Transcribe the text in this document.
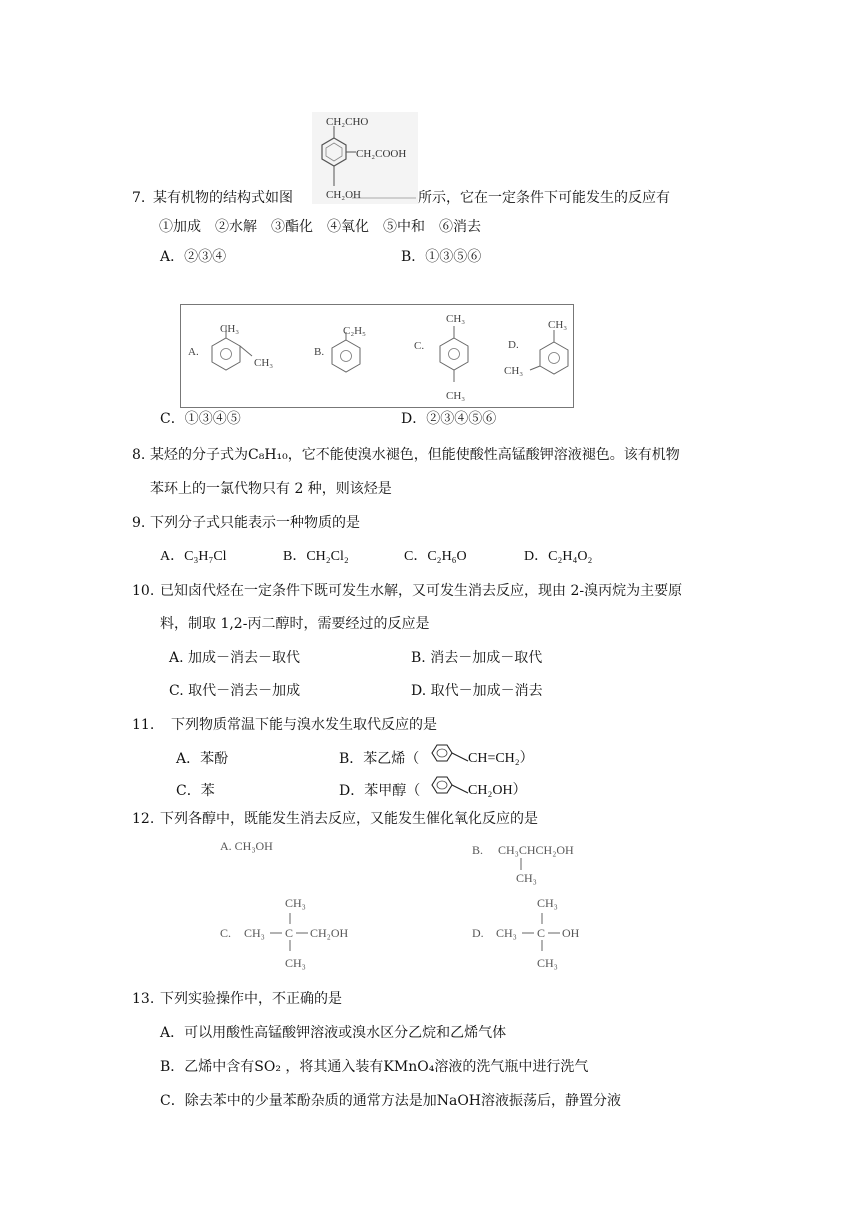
CH₂CHO
CH₂COOH
CH₂OH
7. 某有机物的结构式如图	所示，它在一定条件下可能发生的反应有
①加成　②水解　③酯化　④氧化　⑤中和　⑥消去
A．②③④	B．①③⑤⑥
A.
CH₃
CH₃
B.
C₂H₅
C.
CH₃
CH₃
D.
CH₃
CH₃
C．①③④⑤	D．②③④⑤⑥
8. 某烃的分子式为C₈H₁₀，它不能使溴水褪色，但能使酸性高锰酸钾溶液褪色。该有机物
苯环上的一氯代物只有 2 种，则该烃是
9. 下列分子式只能表示一种物质的是
A．C₃H₇Cl	B．CH₂Cl₂	C．C₂H₆O	D．C₂H₄O₂
10. 已知卤代烃在一定条件下既可发生水解，又可发生消去反应，现由 2-溴丙烷为主要原
料，制取 1,2-丙二醇时，需要经过的反应是
A. 加成－消去－取代	B. 消去－加成－取代
C. 取代－消去－加成	D. 取代－加成－消去
11. 下列物质常温下能与溴水发生取代反应的是
A．苯酚	B．苯乙烯（	CH=CH₂）
C．苯	D．苯甲醇（	CH₂OH）
12. 下列各醇中，既能发生消去反应，又能发生催化氧化反应的是
A. CH₃OH	B. CH₃CHCH₂OH
CH₃
C. CH₃ C CH₂OH
CH₃
CH₃
D. CH₃ C OH
CH₃
CH₃
13. 下列实验操作中，不正确的是
A．可以用酸性高锰酸钾溶液或溴水区分乙烷和乙烯气体
B．乙烯中含有SO₂ ，将其通入装有KMnO₄溶液的洗气瓶中进行洗气
C．除去苯中的少量苯酚杂质的通常方法是加NaOH溶液振荡后，静置分液
